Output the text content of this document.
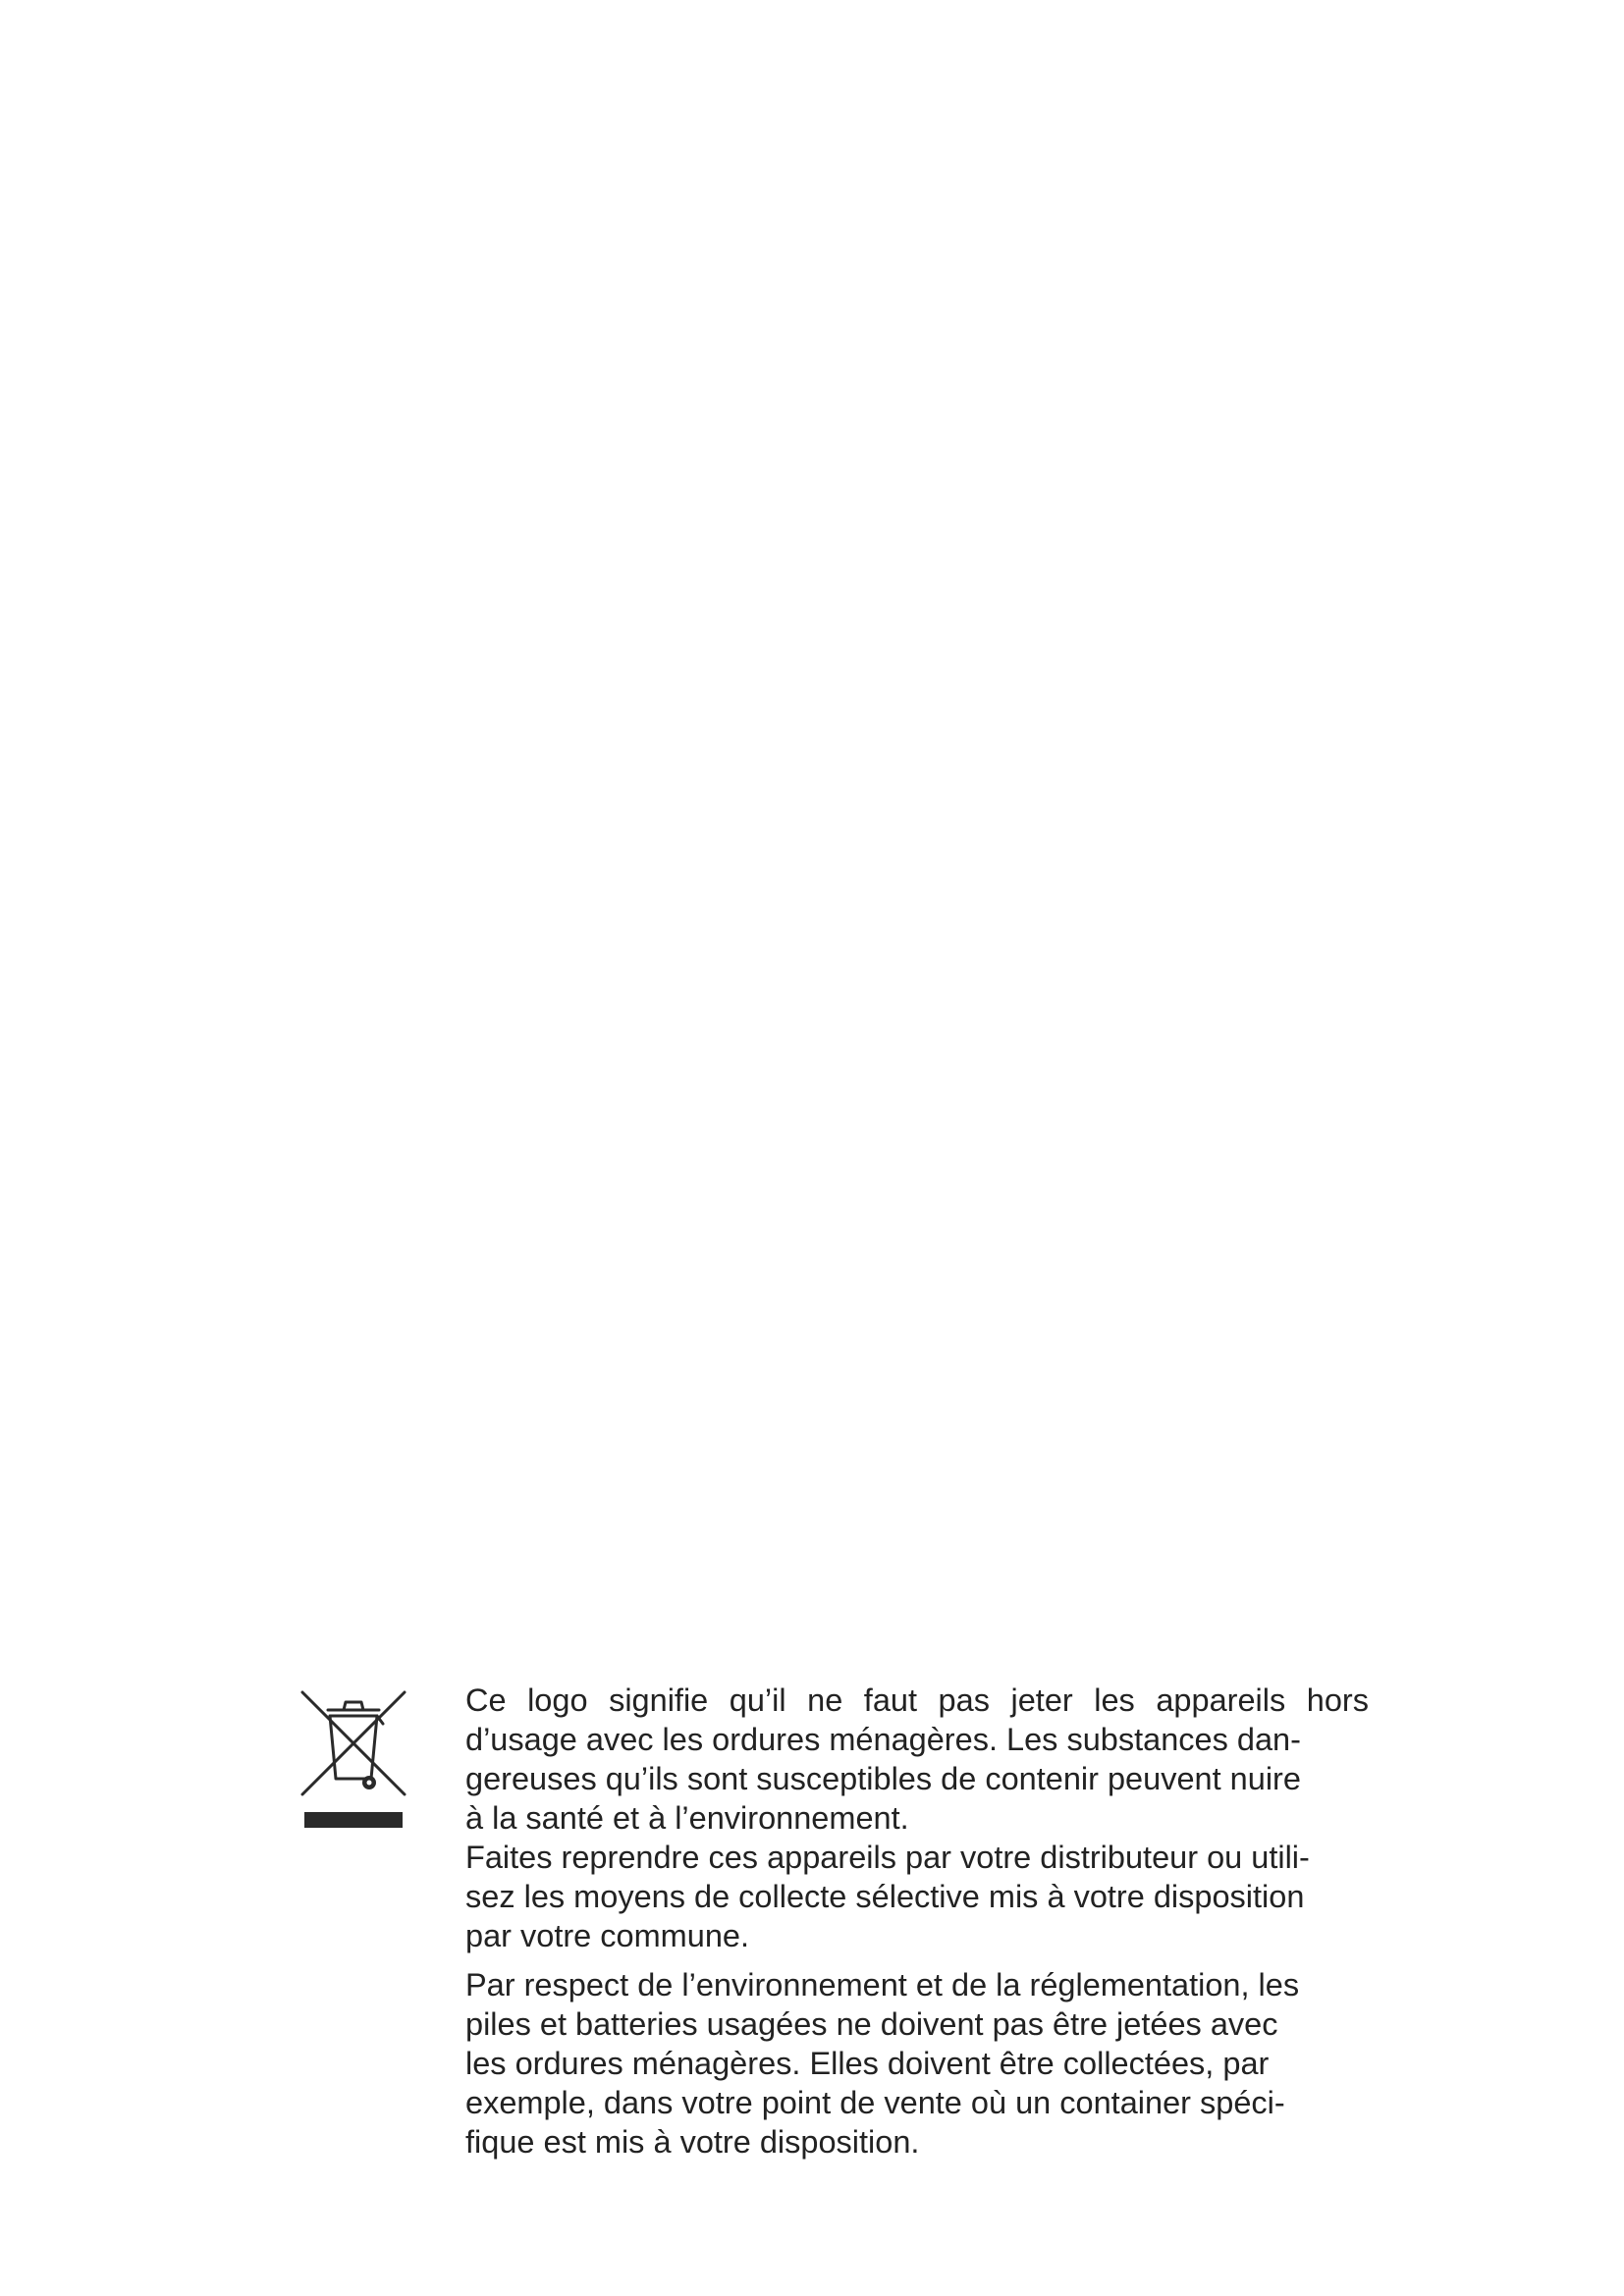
Ce logo signifie qu’il ne faut pas jeter les appareils hors
d’usage avec les ordures ménagères. Les substances dan-
gereuses qu’ils sont susceptibles de contenir peuvent nuire
à la santé et à l’environnement.

Faites reprendre ces appareils par votre distributeur ou utili-
sez les moyens de collecte sélective mis à votre disposition
par votre commune.

Par respect de l’environnement et de la réglementation, les
piles et batteries usagées ne doivent pas être jetées avec
les ordures ménagères. Elles doivent être collectées, par
exemple, dans votre point de vente où un container spéci-
fique est mis à votre disposition.
